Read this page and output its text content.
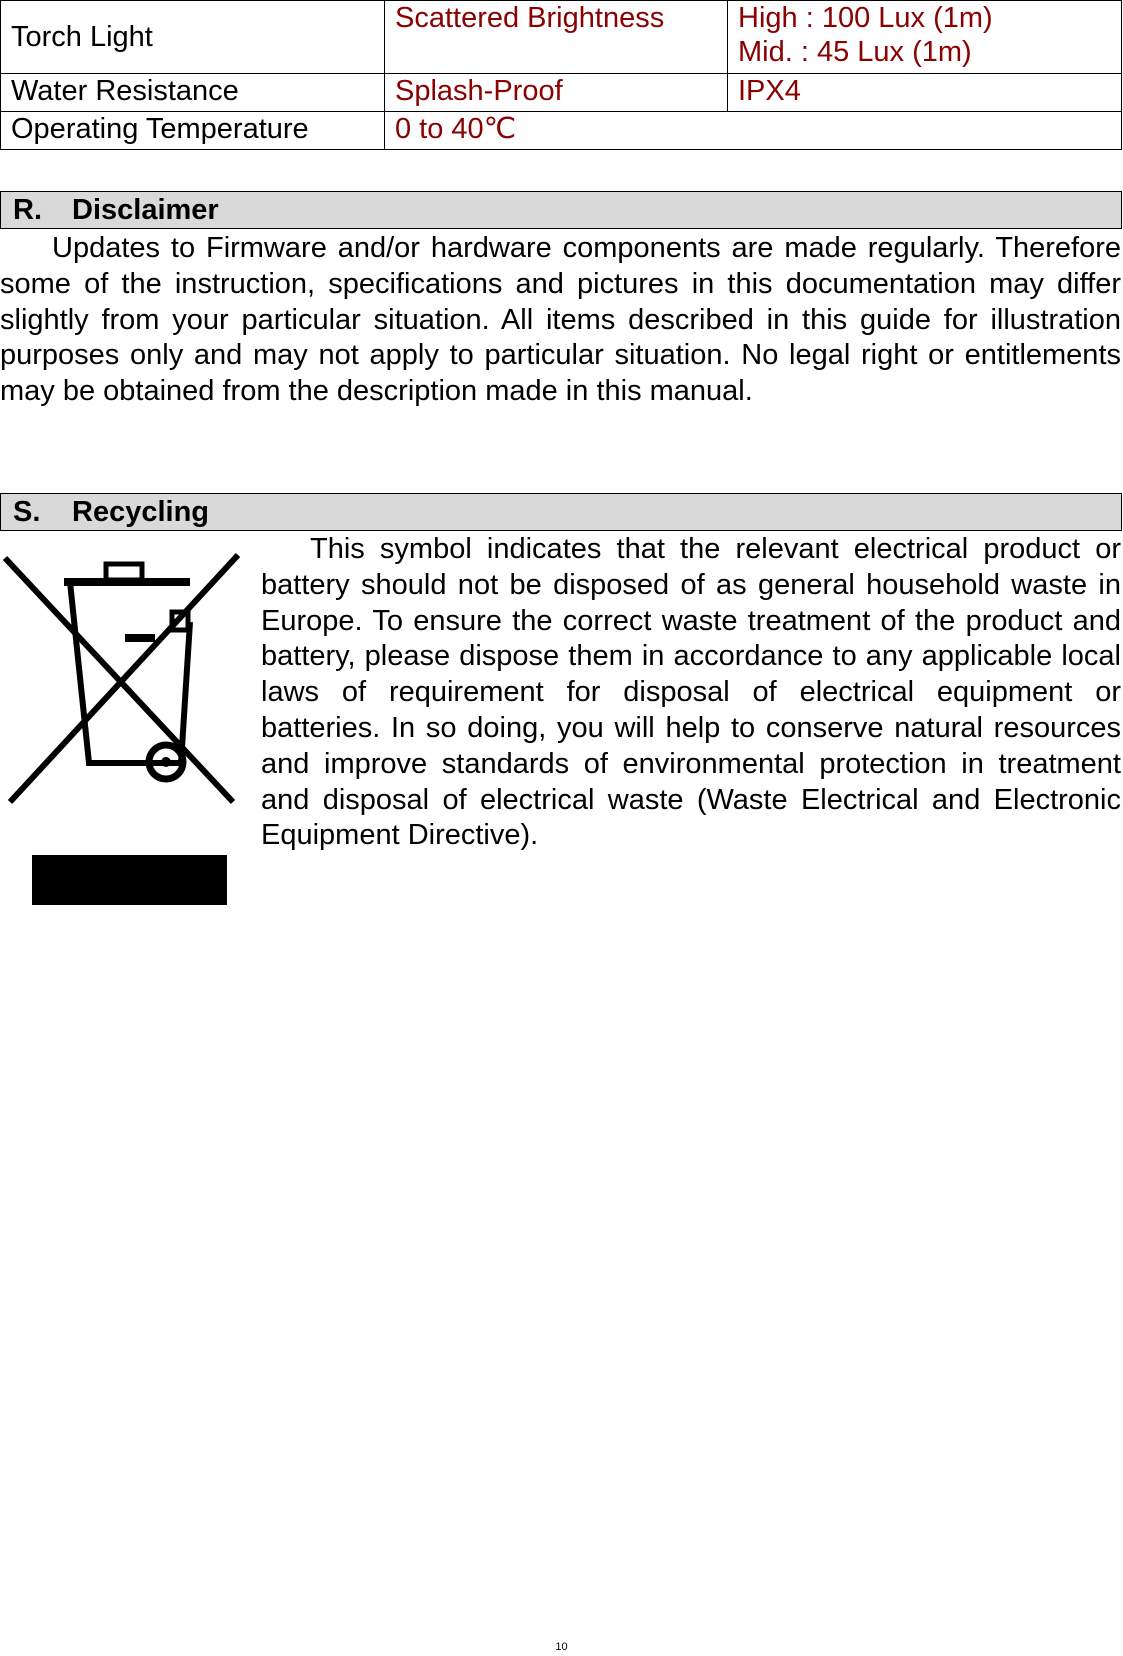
Torch Light	Scattered Brightness	High : 100 Lux (1m)
Mid. : 45 Lux (1m)

Water Resistance	Splash-Proof	IPX4

Operating Temperature	0 to 40℃	
R. Disclaimer

Updates to Firmware and/or hardware components are made regularly. Therefore some of the instruction, specifications and pictures in this documentation may differ slightly from your particular situation. All items described in this guide for illustration purposes only and may not apply to particular situation. No legal right or entitlements may be obtained from the description made in this manual.

S. Recycling

This symbol indicates that the relevant electrical product or battery should not be disposed of as general household waste in Europe. To ensure the correct waste treatment of the product and battery, please dispose them in accordance to any applicable local laws of requirement for disposal of electrical equipment or batteries. In so doing, you will help to conserve natural resources and improve standards of environmental protection in treatment and disposal of electrical waste (Waste Electrical and Electronic Equipment Directive).

10
